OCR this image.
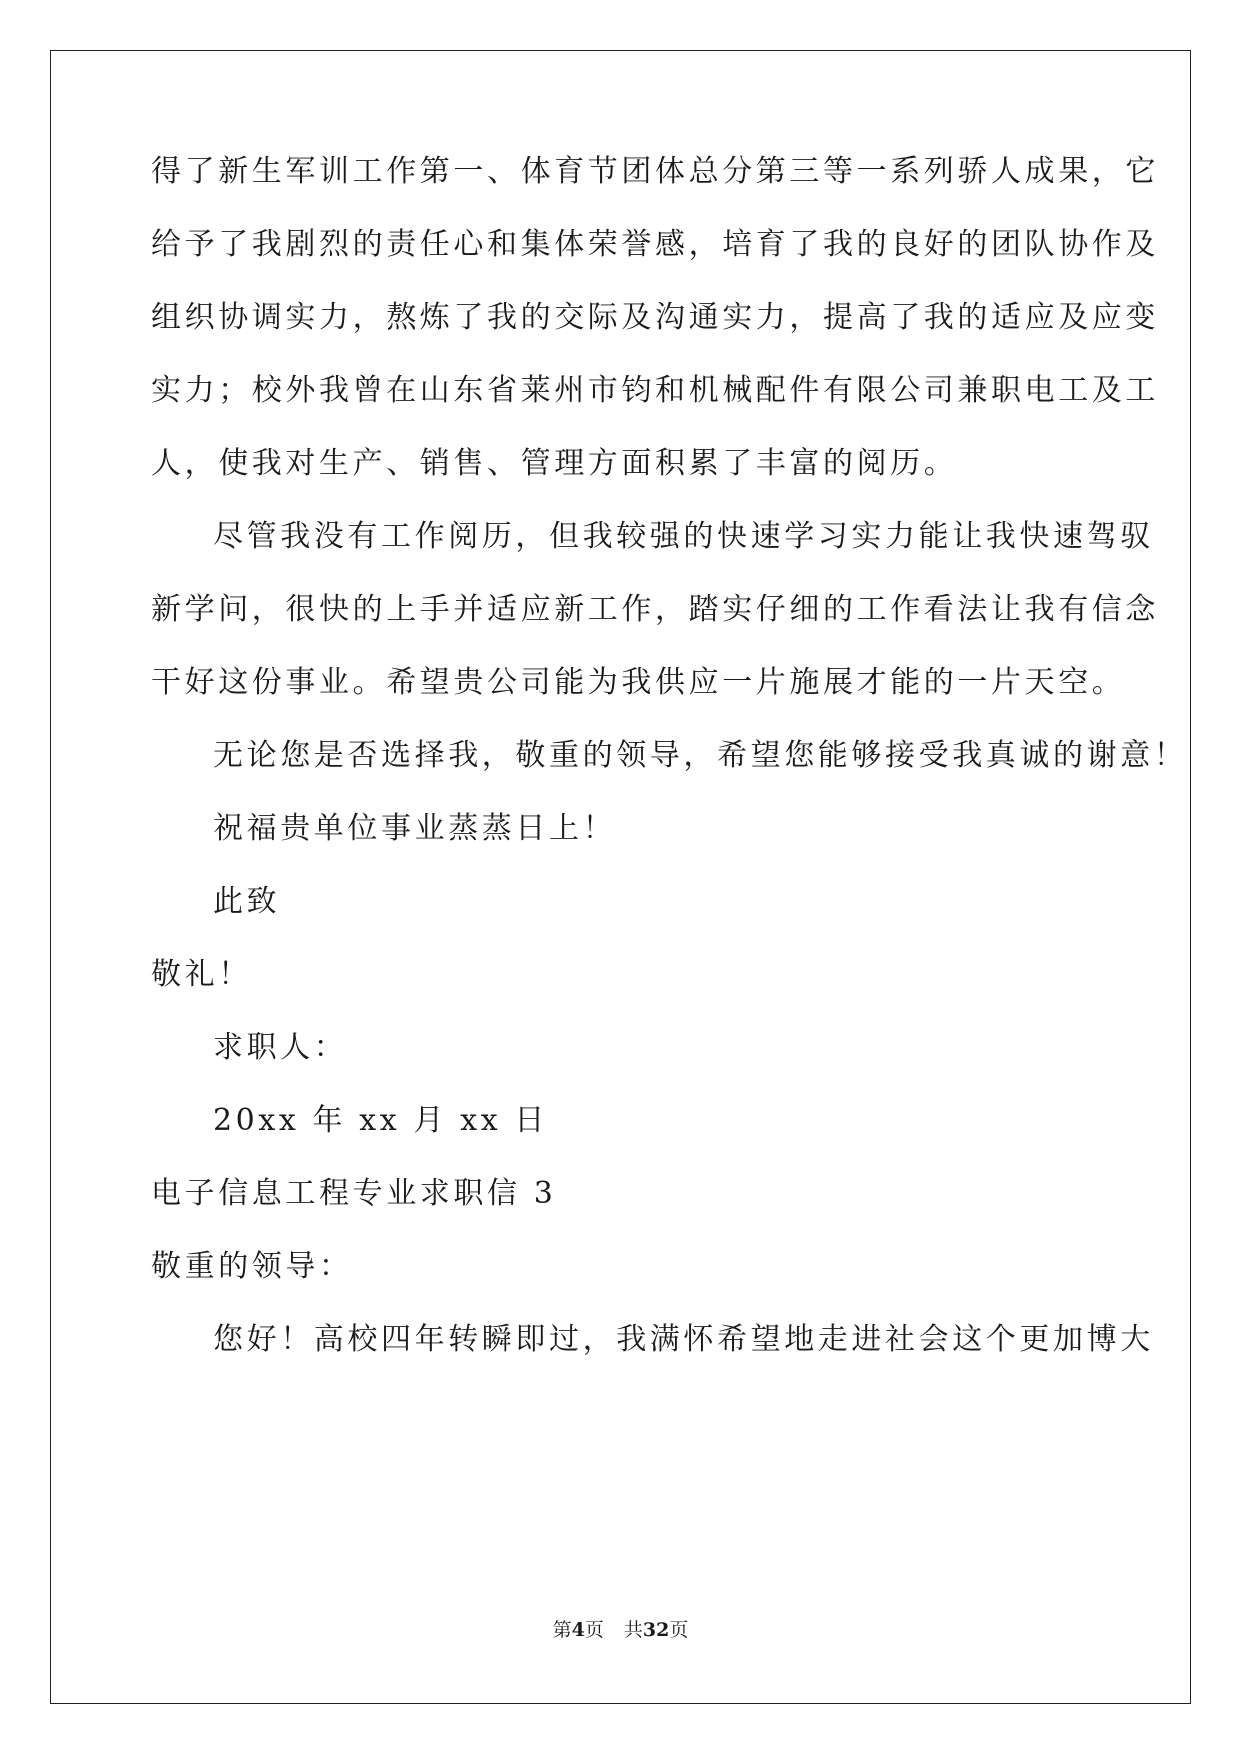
得了新生军训工作第一、体育节团体总分第三等一系列骄人成果，它
给予了我剧烈的责任心和集体荣誉感，培育了我的良好的团队协作及
组织协调实力，熬炼了我的交际及沟通实力，提高了我的适应及应变
实力；校外我曾在山东省莱州市钧和机械配件有限公司兼职电工及工
人，使我对生产、销售、管理方面积累了丰富的阅历。
尽管我没有工作阅历，但我较强的快速学习实力能让我快速驾驭
新学问，很快的上手并适应新工作，踏实仔细的工作看法让我有信念
干好这份事业。希望贵公司能为我供应一片施展才能的一片天空。
无论您是否选择我，敬重的领导，希望您能够接受我真诚的谢意！
祝福贵单位事业蒸蒸日上！
此致
敬礼！
求职人：
20xx 年 xx 月 xx 日
电子信息工程专业求职信 3
敬重的领导：
您好！高校四年转瞬即过，我满怀希望地走进社会这个更加博大
第4页 共32页
